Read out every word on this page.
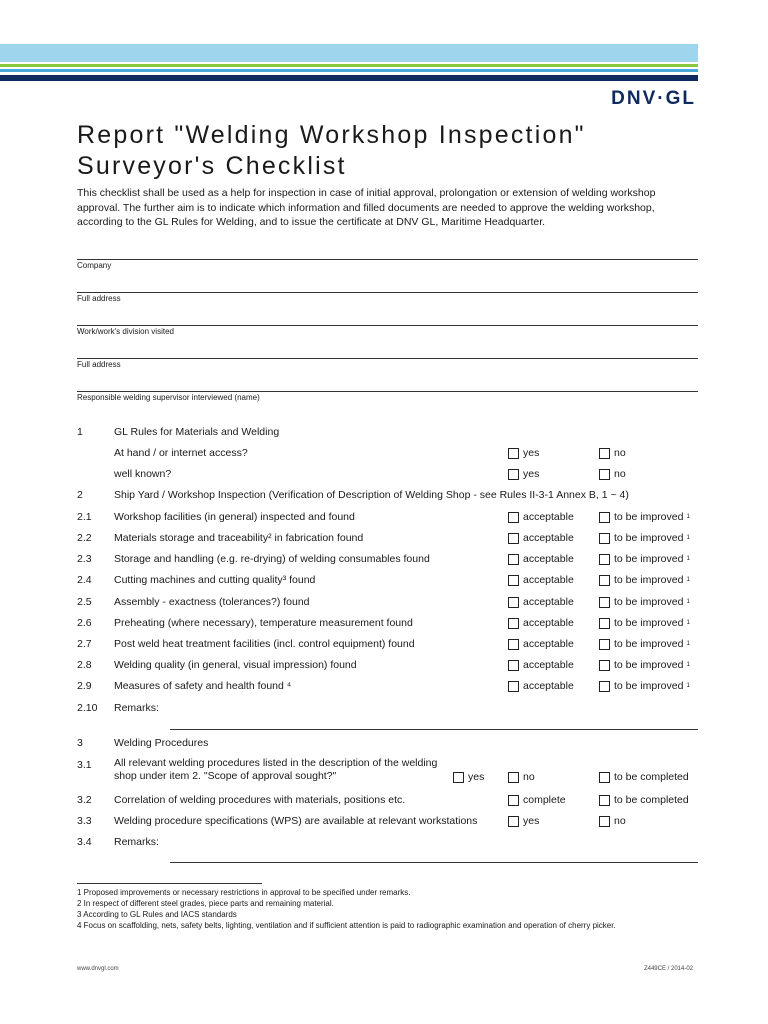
DNV·GL
Report "Welding Workshop Inspection"
Surveyor's Checklist
This checklist shall be used as a help for inspection in case of initial approval, prolongation or extension of welding workshop approval. The further aim is to indicate which information and filled documents are needed to approve the welding workshop, according to the GL Rules for Welding, and to issue the certificate at DNV GL, Maritime Headquarter.
Company
Full address
Work/work's division visited
Full address
Responsible welding supervisor interviewed (name)
1	GL Rules for Materials and Welding
At hand / or internet access?	yes	no
well known?	yes	no
2	Ship Yard / Workshop Inspection (Verification of Description of Welding Shop - see Rules II-3-1 Annex B, 1 ~ 4)
2.1 Workshop facilities (in general) inspected and found	acceptable	to be improved 1
2.2 Materials storage and traceability² in fabrication found	acceptable	to be improved 1
2.3 Storage and handling (e.g. re-drying) of welding consumables found	acceptable	to be improved 1
2.4 Cutting machines and cutting quality³ found	acceptable	to be improved 1
2.5 Assembly - exactness (tolerances?) found	acceptable	to be improved 1
2.6 Preheating (where necessary), temperature measurement found	acceptable	to be improved 1
2.7 Post weld heat treatment facilities (incl. control equipment) found	acceptable	to be improved 1
2.8 Welding quality (in general, visual impression) found	acceptable	to be improved 1
2.9 Measures of safety and health found ⁴	acceptable	to be improved 1
2.10 Remarks:
3	Welding Procedures
3.1 All relevant welding procedures listed in the description of the welding
shop under item 2. "Scope of approval sought?"	yes	no	to be completed
3.2 Correlation of welding procedures with materials, positions etc.	complete	to be completed
3.3 Welding procedure specifications (WPS) are available at relevant workstations	yes	no
3.4 Remarks:
1 Proposed improvements or necessary restrictions in approval to be specified under remarks.
2 In respect of different steel grades, piece parts and remaining material.
3 According to GL Rules and IACS standards
4 Focus on scaffolding, nets, safety belts, lighting, ventilation and if sufficient attention is paid to radiographic examination and operation of cherry picker.
www.dnvgl.com	Z449CE / 2014-02
